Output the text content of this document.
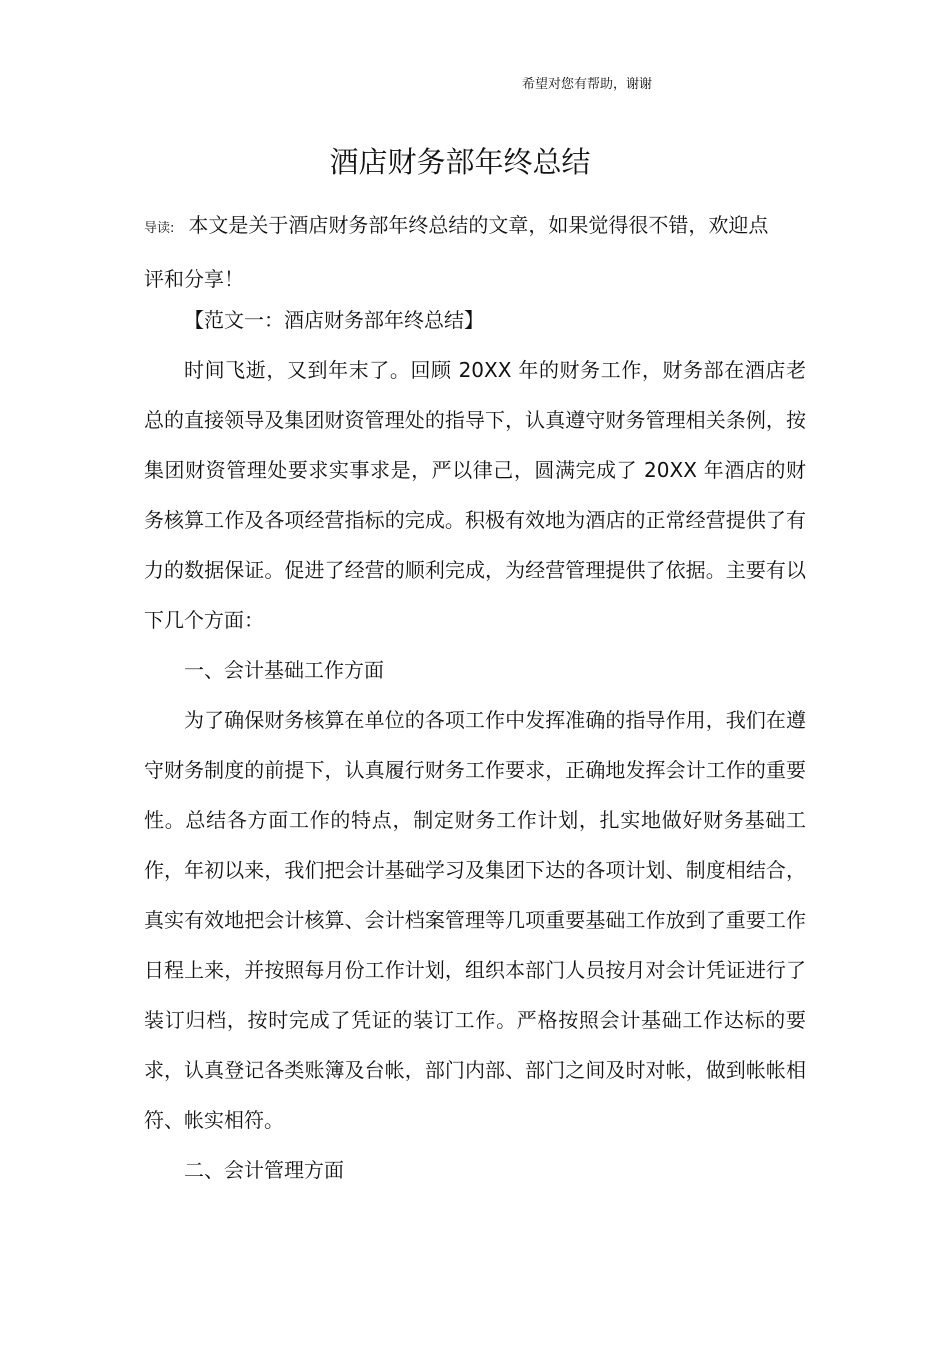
希望对您有帮助，谢谢
酒店财务部年终总结
导读: 本文是关于酒店财务部年终总结的文章，如果觉得很不错，欢迎点评和分享！

【范文一：酒店财务部年终总结】

时间飞逝，又到年末了。回顾 20XX 年的财务工作，财务部在酒店老总的直接领导及集团财资管理处的指导下，认真遵守财务管理相关条例，按集团财资管理处要求实事求是，严以律己，圆满完成了 20XX 年酒店的财务核算工作及各项经营指标的完成。积极有效地为酒店的正常经营提供了有力的数据保证。促进了经营的顺利完成，为经营管理提供了依据。主要有以下几个方面：

一、会计基础工作方面

为了确保财务核算在单位的各项工作中发挥准确的指导作用，我们在遵守财务制度的前提下，认真履行财务工作要求，正确地发挥会计工作的重要性。总结各方面工作的特点，制定财务工作计划，扎实地做好财务基础工作，年初以来，我们把会计基础学习及集团下达的各项计划、制度相结合，真实有效地把会计核算、会计档案管理等几项重要基础工作放到了重要工作日程上来，并按照每月份工作计划，组织本部门人员按月对会计凭证进行了装订归档，按时完成了凭证的装订工作。严格按照会计基础工作达标的要求，认真登记各类账簿及台帐，部门内部、部门之间及时对帐，做到帐帐相符、帐实相符。

二、会计管理方面
